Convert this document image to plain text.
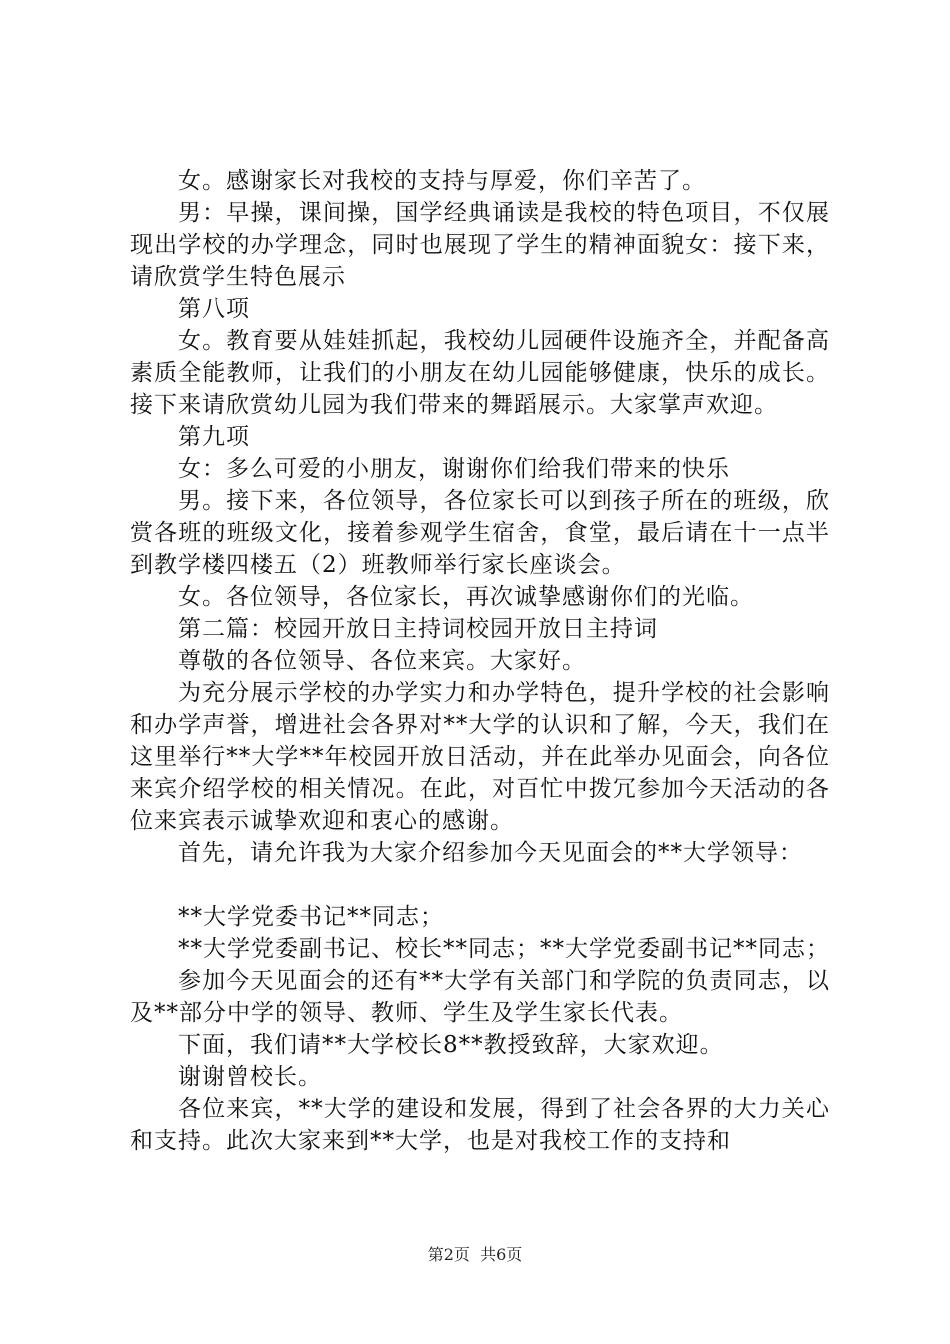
女。感谢家长对我校的支持与厚爱，你们辛苦了。

男：早操，课间操，国学经典诵读是我校的特色项目，不仅展现出学校的办学理念，同时也展现了学生的精神面貌女：接下来，请欣赏学生特色展示

第八项

女。教育要从娃娃抓起，我校幼儿园硬件设施齐全，并配备高素质全能教师，让我们的小朋友在幼儿园能够健康，快乐的成长。接下来请欣赏幼儿园为我们带来的舞蹈展示。大家掌声欢迎。

第九项

女：多么可爱的小朋友，谢谢你们给我们带来的快乐

男。接下来，各位领导，各位家长可以到孩子所在的班级，欣赏各班的班级文化，接着参观学生宿舍，食堂，最后请在十一点半到教学楼四楼五（2）班教师举行家长座谈会。

女。各位领导，各位家长，再次诚挚感谢你们的光临。

第二篇：校园开放日主持词校园开放日主持词

尊敬的各位领导、各位来宾。大家好。

为充分展示学校的办学实力和办学特色，提升学校的社会影响和办学声誉，增进社会各界对**大学的认识和了解，今天，我们在这里举行**大学**年校园开放日活动，并在此举办见面会，向各位来宾介绍学校的相关情况。在此，对百忙中拨冗参加今天活动的各位来宾表示诚挚欢迎和衷心的感谢。

首先，请允许我为大家介绍参加今天见面会的**大学领导：

**大学党委书记**同志；

**大学党委副书记、校长**同志；**大学党委副书记**同志；

参加今天见面会的还有**大学有关部门和学院的负责同志，以及**部分中学的领导、教师、学生及学生家长代表。

下面，我们请**大学校长8**教授致辞，大家欢迎。

谢谢曾校长。

各位来宾，**大学的建设和发展，得到了社会各界的大力关心和支持。此次大家来到**大学，也是对我校工作的支持和

第2页 共6页
